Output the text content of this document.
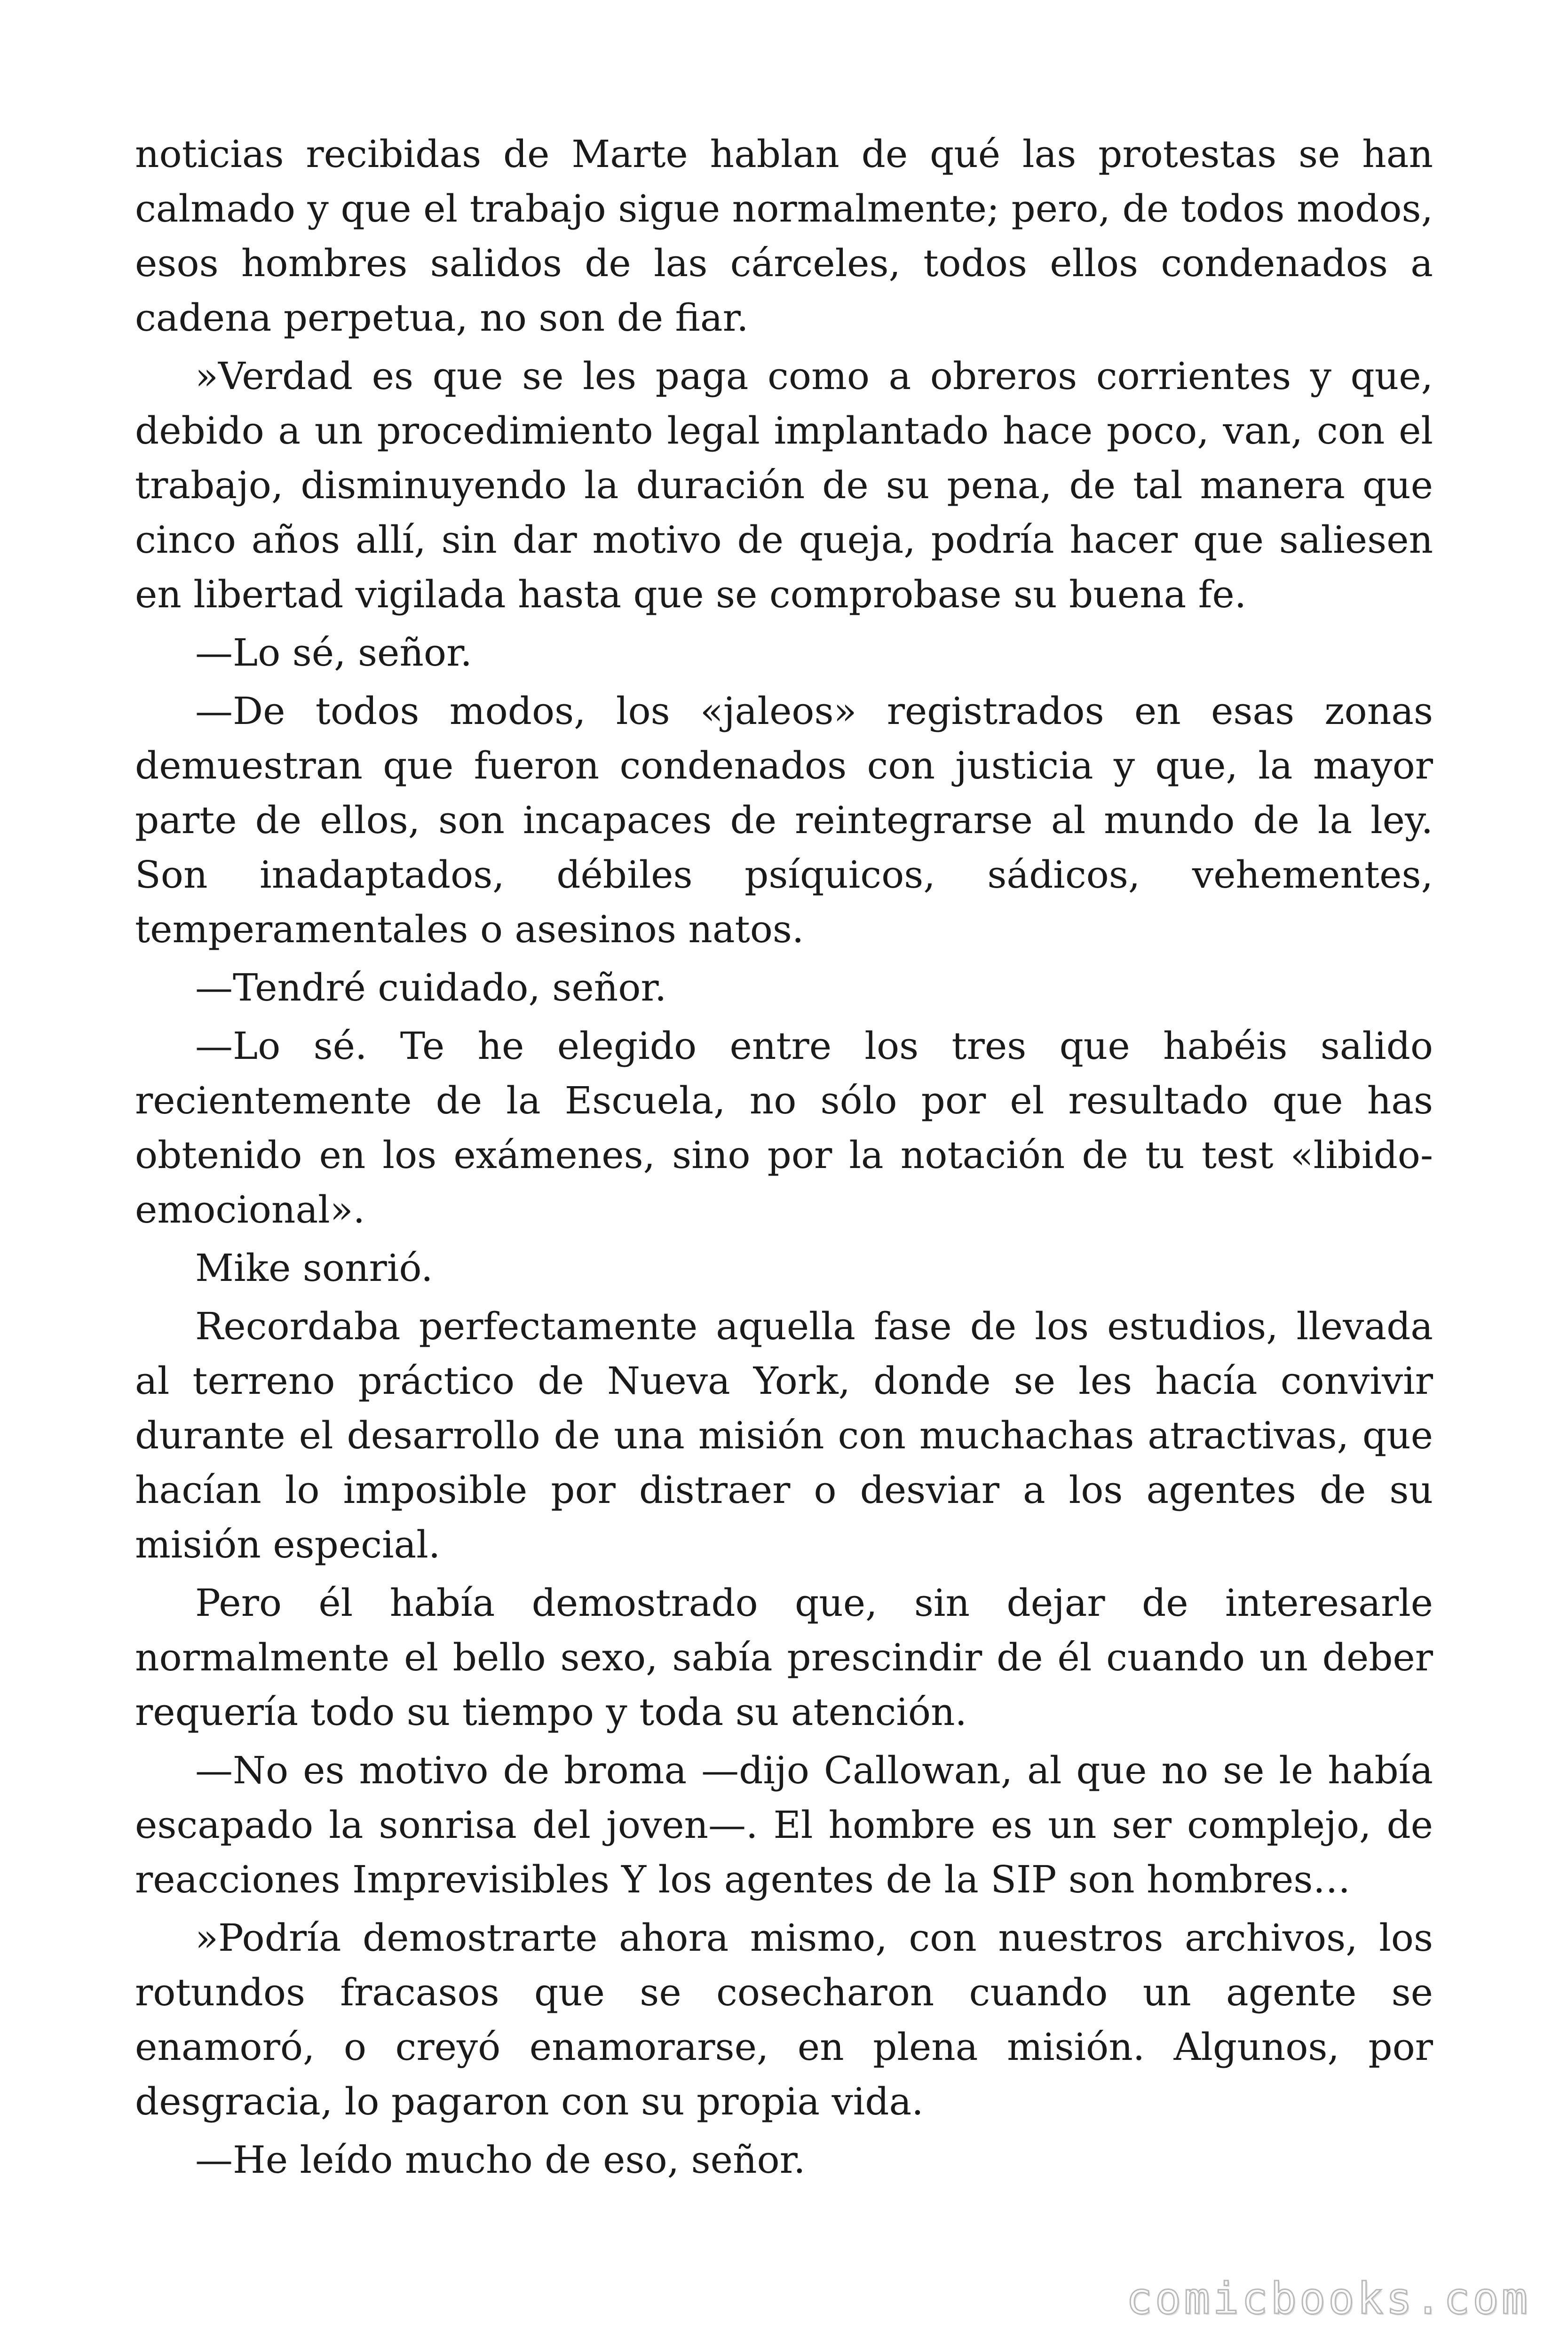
noticias recibidas de Marte hablan de qué las protestas se han calmado y que el trabajo sigue normalmente; pero, de todos modos, esos hombres salidos de las cárceles, todos ellos condenados a cadena perpetua, no son de fiar.

»Verdad es que se les paga como a obreros corrientes y que, debido a un procedimiento legal implantado hace poco, van, con el trabajo, disminuyendo la duración de su pena, de tal manera que cinco años allí, sin dar motivo de queja, podría hacer que saliesen en libertad vigilada hasta que se comprobase su buena fe.

—Lo sé, señor.

—De todos modos, los «jaleos» registrados en esas zonas demuestran que fueron condenados con justicia y que, la mayor parte de ellos, son incapaces de reintegrarse al mundo de la ley. Son inadaptados, débiles psíquicos, sádicos, vehementes, temperamentales o asesinos natos.

—Tendré cuidado, señor.

—Lo sé. Te he elegido entre los tres que habéis salido recientemente de la Escuela, no sólo por el resultado que has obtenido en los exámenes, sino por la notación de tu test «libido-emocional».

Mike sonrió.

Recordaba perfectamente aquella fase de los estudios, llevada al terreno práctico de Nueva York, donde se les hacía convivir durante el desarrollo de una misión con muchachas atractivas, que hacían lo imposible por distraer o desviar a los agentes de su misión especial.

Pero él había demostrado que, sin dejar de interesarle normalmente el bello sexo, sabía prescindir de él cuando un deber requería todo su tiempo y toda su atención.

—No es motivo de broma —dijo Callowan, al que no se le había escapado la sonrisa del joven—. El hombre es un ser complejo, de reacciones Imprevisibles Y los agentes de la SIP son hombres…

»Podría demostrarte ahora mismo, con nuestros archivos, los rotundos fracasos que se cosecharon cuando un agente se enamoró, o creyó enamorarse, en plena misión. Algunos, por desgracia, lo pagaron con su propia vida.

—He leído mucho de eso, señor.

comicbooks.com
